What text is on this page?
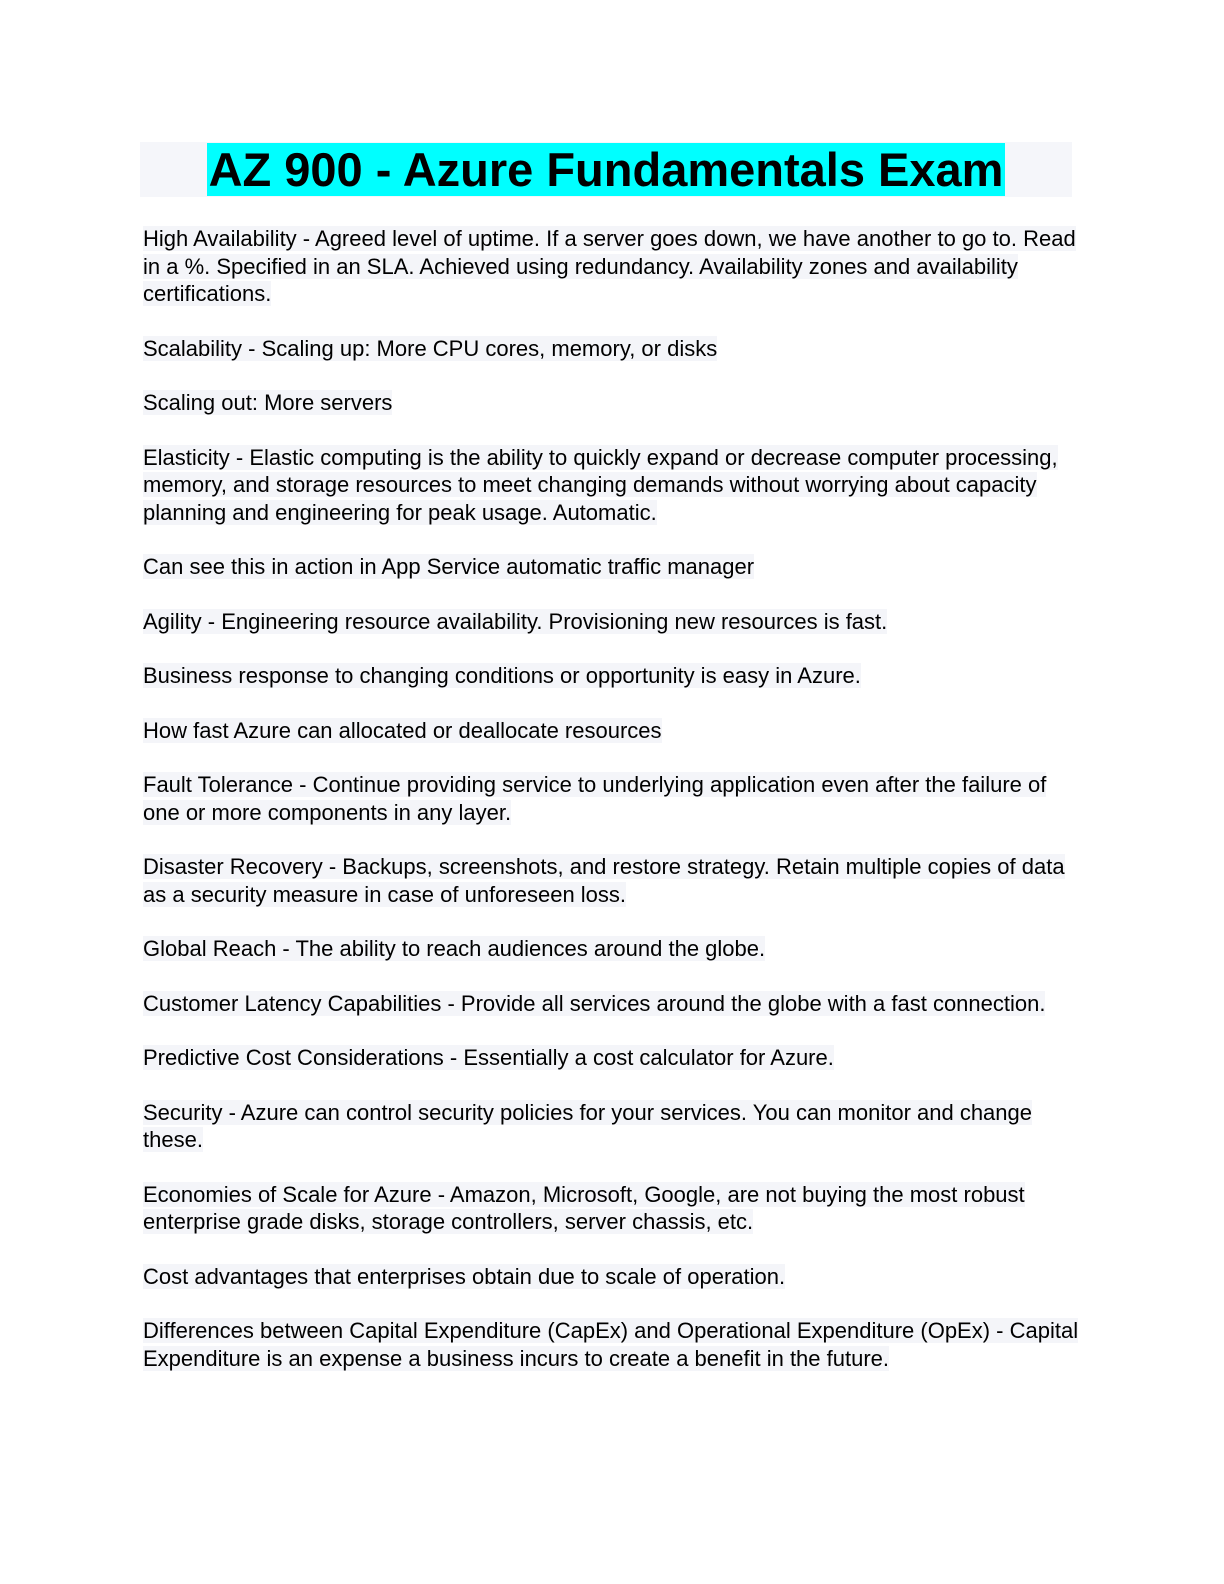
AZ 900 - Azure Fundamentals Exam

High Availability - Agreed level of uptime. If a server goes down, we have another to go to. Read in a %. Specified in an SLA. Achieved using redundancy. Availability zones and availability certifications.

Scalability - Scaling up: More CPU cores, memory, or disks

Scaling out: More servers

Elasticity - Elastic computing is the ability to quickly expand or decrease computer processing, memory, and storage resources to meet changing demands without worrying about capacity planning and engineering for peak usage. Automatic.

Can see this in action in App Service automatic traffic manager

Agility - Engineering resource availability. Provisioning new resources is fast.

Business response to changing conditions or opportunity is easy in Azure.

How fast Azure can allocated or deallocate resources

Fault Tolerance - Continue providing service to underlying application even after the failure of one or more components in any layer.

Disaster Recovery - Backups, screenshots, and restore strategy. Retain multiple copies of data as a security measure in case of unforeseen loss.

Global Reach - The ability to reach audiences around the globe.

Customer Latency Capabilities - Provide all services around the globe with a fast connection.

Predictive Cost Considerations - Essentially a cost calculator for Azure.

Security - Azure can control security policies for your services. You can monitor and change these.

Economies of Scale for Azure - Amazon, Microsoft, Google, are not buying the most robust enterprise grade disks, storage controllers, server chassis, etc.

Cost advantages that enterprises obtain due to scale of operation.

Differences between Capital Expenditure (CapEx) and Operational Expenditure (OpEx) - Capital Expenditure is an expense a business incurs to create a benefit in the future.
